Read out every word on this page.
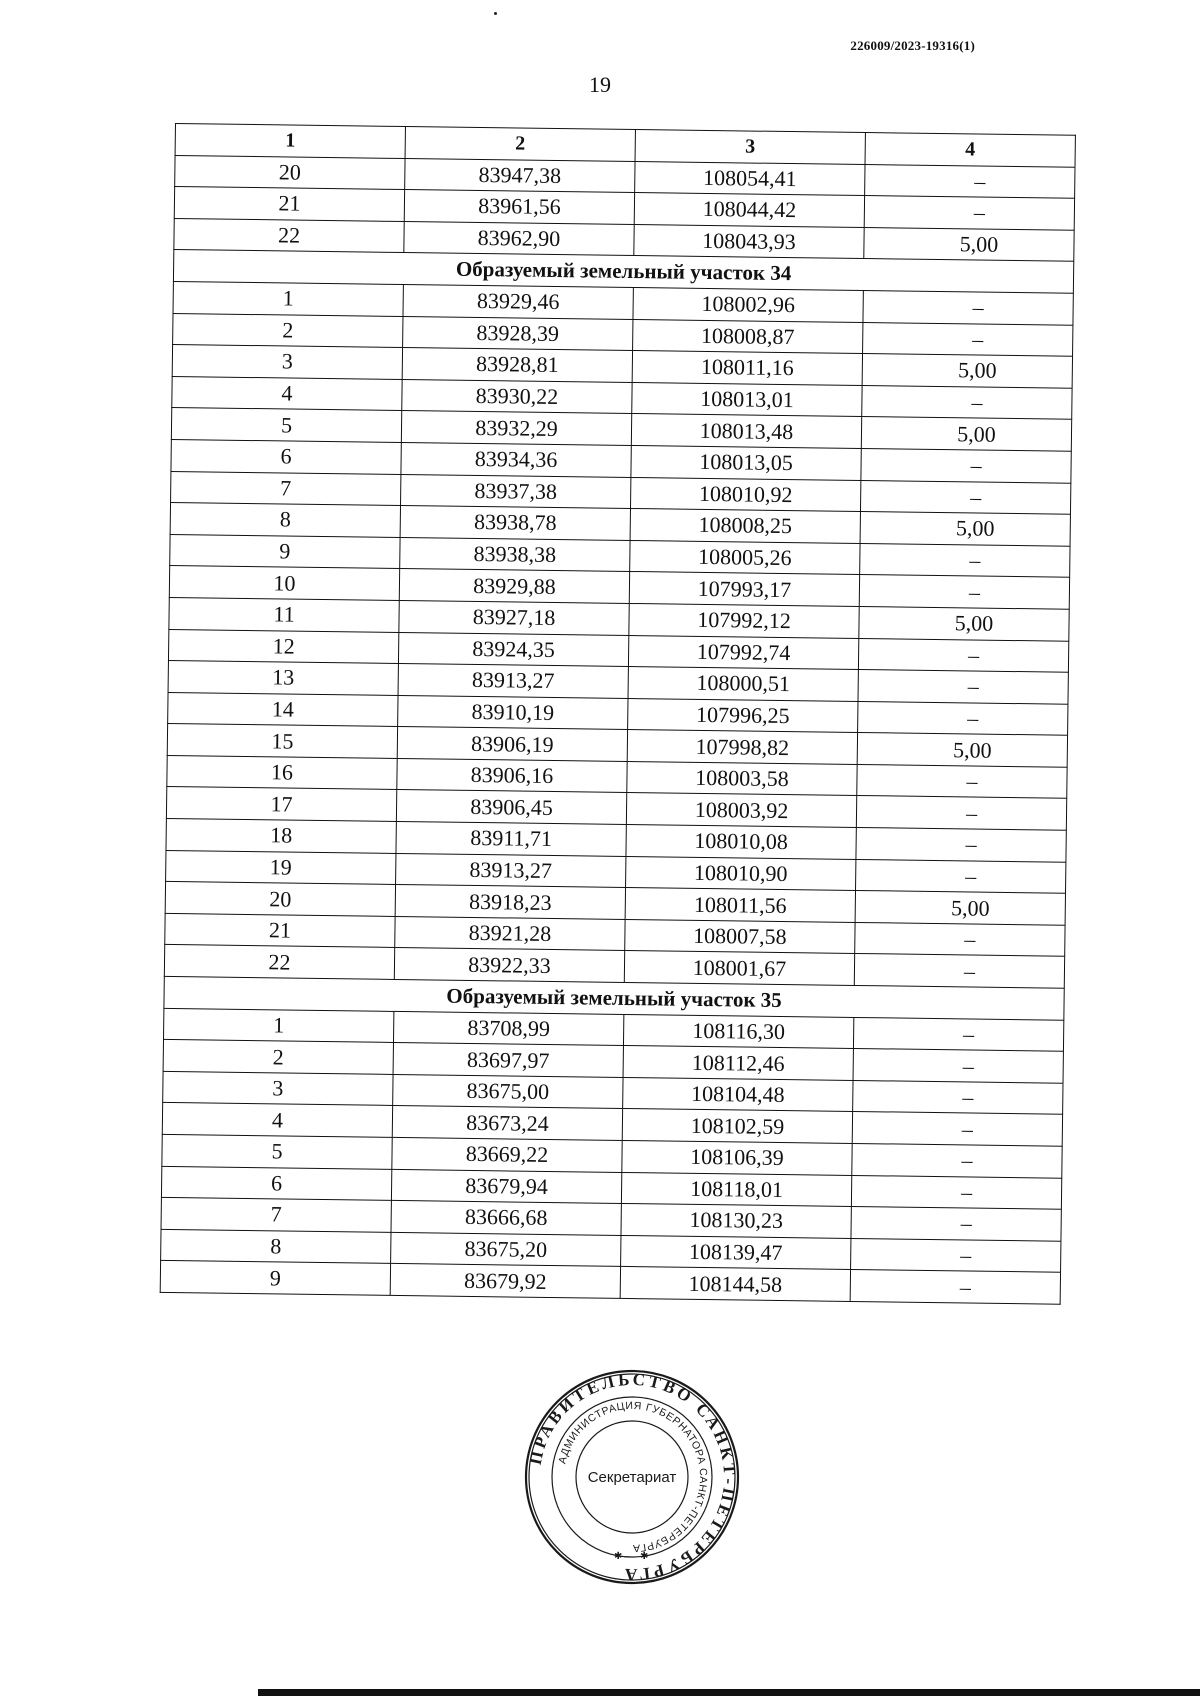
226009/2023-19316(1)
19
1	2	3	4
20	83947,38	108054,41	–
21	83961,56	108044,42	–
22	83962,90	108043,93	5,00
Образуемый земельный участок 34			
1	83929,46	108002,96	–
2	83928,39	108008,87	–
3	83928,81	108011,16	5,00
4	83930,22	108013,01	–
5	83932,29	108013,48	5,00
6	83934,36	108013,05	–
7	83937,38	108010,92	–
8	83938,78	108008,25	5,00
9	83938,38	108005,26	–
10	83929,88	107993,17	–
11	83927,18	107992,12	5,00
12	83924,35	107992,74	–
13	83913,27	108000,51	–
14	83910,19	107996,25	–
15	83906,19	107998,82	5,00
16	83906,16	108003,58	–
17	83906,45	108003,92	–
18	83911,71	108010,08	–
19	83913,27	108010,90	–
20	83918,23	108011,56	5,00
21	83921,28	108007,58	–
22	83922,33	108001,67	–
Образуемый земельный участок 35			
1	83708,99	108116,30	–
2	83697,97	108112,46	–
3	83675,00	108104,48	–
4	83673,24	108102,59	–
5	83669,22	108106,39	–
6	83679,94	108118,01	–
7	83666,68	108130,23	–
8	83675,20	108139,47	–
9	83679,92	108144,58	–
ПРАВИТЕЛЬСТВО САНКТ-ПЕТЕРБУРГА
АДМИНИСТРАЦИЯ ГУБЕРНАТОРА САНКТ-ПЕТЕРБУРГА
Секретариат
✱ ✱
